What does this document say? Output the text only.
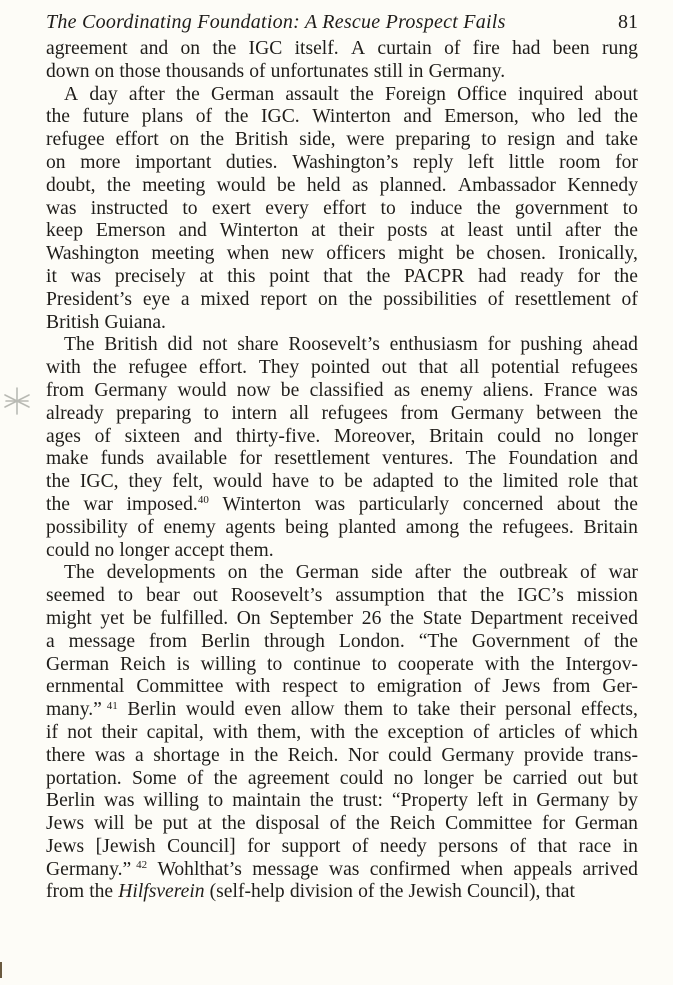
The Coordinating Foundation: A Rescue Prospect Fails	81
agreement and on the IGC itself. A curtain of fire had been rung
down on those thousands of unfortunates still in Germany.
A day after the German assault the Foreign Office inquired about
the future plans of the IGC. Winterton and Emerson, who led the
refugee effort on the British side, were preparing to resign and take
on more important duties. Washington’s reply left little room for
doubt, the meeting would be held as planned. Ambassador Kennedy
was instructed to exert every effort to induce the government to
keep Emerson and Winterton at their posts at least until after the
Washington meeting when new officers might be chosen. Ironically,
it was precisely at this point that the PACPR had ready for the
President’s eye a mixed report on the possibilities of resettlement of
British Guiana.
The British did not share Roosevelt’s enthusiasm for pushing ahead
with the refugee effort. They pointed out that all potential refugees
from Germany would now be classified as enemy aliens. France was
already preparing to intern all refugees from Germany between the
ages of sixteen and thirty-five. Moreover, Britain could no longer
make funds available for resettlement ventures. The Foundation and
the IGC, they felt, would have to be adapted to the limited role that
the war imposed.$^{40}$ Winterton was particularly concerned about the
possibility of enemy agents being planted among the refugees. Britain
could no longer accept them.
The developments on the German side after the outbreak of war
seemed to bear out Roosevelt’s assumption that the IGC’s mission
might yet be fulfilled. On September 26 the State Department received
a message from Berlin through London. “The Government of the
German Reich is willing to continue to cooperate with the Intergov-
ernmental Committee with respect to emigration of Jews from Ger-
many.” $^{41}$ Berlin would even allow them to take their personal effects,
if not their capital, with them, with the exception of articles of which
there was a shortage in the Reich. Nor could Germany provide trans-
portation. Some of the agreement could no longer be carried out but
Berlin was willing to maintain the trust: “Property left in Germany by
Jews will be put at the disposal of the Reich Committee for German
Jews [Jewish Council] for support of needy persons of that race in
Germany.” $^{42}$ Wohlthat’s message was confirmed when appeals arrived
from the Hilfsverein (self-help division of the Jewish Council), that
